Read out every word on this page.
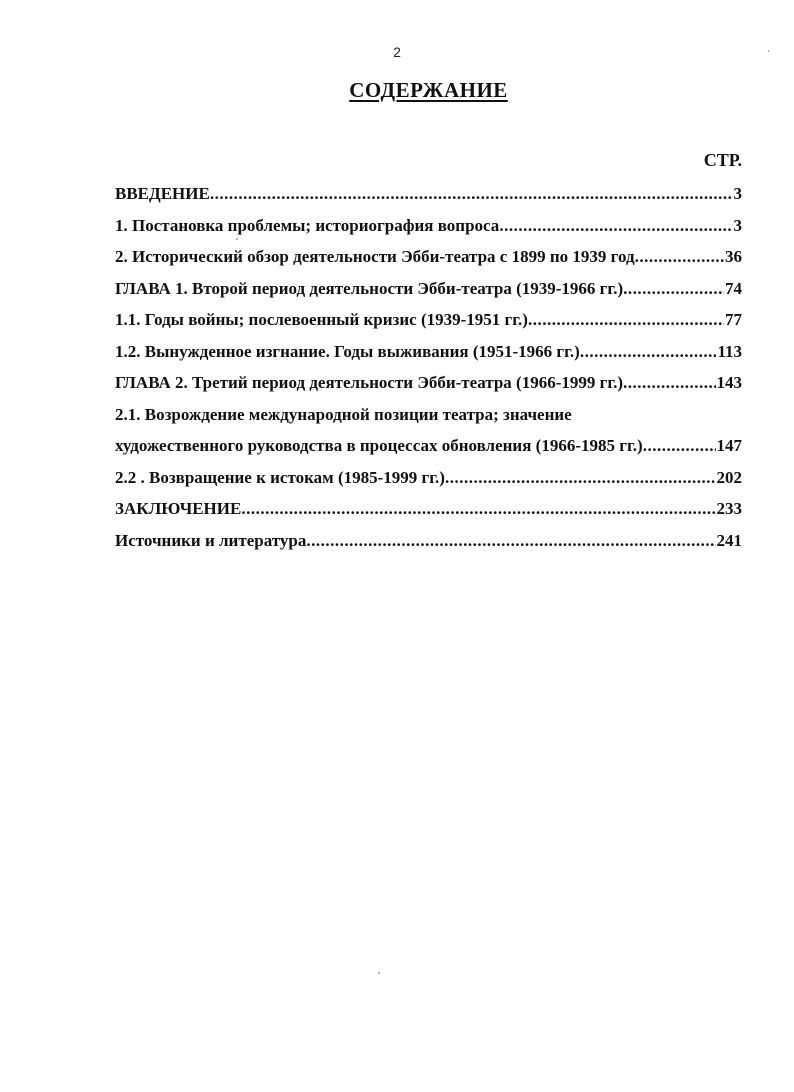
2
СОДЕРЖАНИЕ
СТР.
ВВЕДЕНИЕ .....	3
1. Постановка проблемы; историография вопроса .....	3
2. Исторический обзор деятельности Эбби-театра с 1899 по 1939 год .....	36
ГЛАВА 1. Второй период деятельности Эбби-театра (1939-1966 гг.) .....	74
1.1. Годы войны; послевоенный кризис (1939-1951 гг.) .....	77
1.2. Вынужденное изгнание. Годы выживания (1951-1966 гг.) .....	113
ГЛАВА 2. Третий период деятельности Эбби-театра (1966-1999 гг.) .....	143
2.1. Возрождение международной позиции театра; значение
художественного руководства в процессах обновления (1966-1985 гг.) .....	147
2.2 . Возвращение к истокам (1985-1999 гг.) .....	202
ЗАКЛЮЧЕНИЕ .....	233
Источники и литература .....	241
